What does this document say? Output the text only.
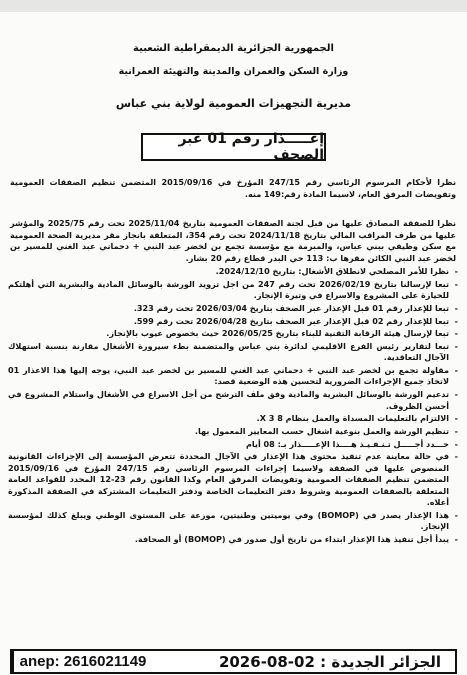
الجمهورية الجزائرية الديمقراطية الشعبية
وزارة السكن والعمران والمدينة والتهيئة العمرانية
مديرية التجهيزات العمومية لولاية بني عباس
إعـــــذار رقم 01 عبر الصحف
نظرا لأحكام المرسوم الرئاسي رقم 247/15 المؤرخ في 2015/09/16 المتضمن تنظيم الصفقات العمومية وتفويضات المرفق العام، لاسيما المادة رقم:149 منه.
نظرا للصفقة المصادق عليها من قبل لجنة الصفقات العمومية بتاريخ 2025/11/04 تحت رقم 2025/75 والمؤشر عليها من طرف المراقب المالي بتاريخ 2024/11/18 تحت رقم 354، المتعلقة بانجاز مقر مديرية الصحة العمومية مع سكن وظيفي ببني عباس، والمبرمة مع مؤسسة تجمع بن لخضر عبد النبي + دحماني عبد الغني للمسير بن لخضر عبد النبي الكائن مقرها ب: 113 حي البدر قطاع رقم 20 بشار.
-
نظرا للأمر المصلحي لانطلاق الأشغال: بتاريخ 2024/12/10.
-
تبعا لإرسالنا بتاريخ 2026/02/19 تحت رقم 247 من اجل تزويد الورشة بالوسائل المادية والبشرية التي أهلتكم للحيازة على المشروع والاسراع في وتيرة الإنجاز.
-
تبعا للإعذار رقم 01 قبل الإعذار عبر الصحف بتاريخ 2026/03/04 تحت رقم 323.
-
تبعا للإعذار رقم 02 قبل الإعذار عبر الصحف بتاريخ 2026/04/28 تحت رقم 599.
-
تبعا لإرسال هيئة الرقابة التقنية للبناء بتاريخ 2026/05/25 حيث بخصوص عيوب بالإنجاز.
-
تبعا لتقارير رئيس الفرع الاقليمي لدائرة بني عباس والمتضمنة بطء سيرورة الأشغال مقارنة بنسبة استهلاك الآجال التعاقدية.
-
مقاولة تجمع بن لخضر عبد النبي + دحماني عبد الغني للمسير بن لخضر عبد النبي، يوجه إليها هذا الاعذار 01 لاتخاذ جميع الإجراءات الضرورية لتحسين هذه الوضعية قصد:
-
تدعيم الورشة بالوسائل البشرية والمادية وفق ملف الترشح من أجل الاسراع في الأشغال واستلام المشروع في أحسن الظروف.
-
الالتزام بالتعليمات المسداة والعمل بنظام 8 X 3.
-
تنظيم الورشة والعمل بنوعية اشغال حسب المعايير المعمول بها.
-
حـــدد أجـــــل تـنـفـيـذ هــــذا الإعـــــذار بـ: 08 أيام
-
في حالة معاينة عدم تنفيذ محتوى هذا الإعذار في الآجال المحددة تتعرض المؤسسة إلى الإجراءات القانونية المنصوص عليها في الصفقة ولاسيما إجراءات المرسوم الرئاسي رقم 247/15 المؤرخ في 2015/09/16 المتضمن تنظيم الصفقات العمومية وتفويضات المرفق العام وكذا القانون رقم 23-12 المحدد للقواعد العامة المتعلقة بالصفقات العمومية وشروط دفتر التعليمات الخاصة ودفتر التعليمات المشتركة في الصفقة المذكورة أعلاه.
-
هذا الإعذار يصدر في (BOMOP) وفي يوميتين وطنيتين، موزعة على المستوى الوطني ويبلغ كذلك لمؤسسة الإنجاز.
-
يبدأ أجل تنفيذ هذا الإعذار ابتداء من تاريخ أول صدور في (BOMOP) أو الصحافة.
anep: 2616021149	الجزائر الجديدة : 02-08-2026
